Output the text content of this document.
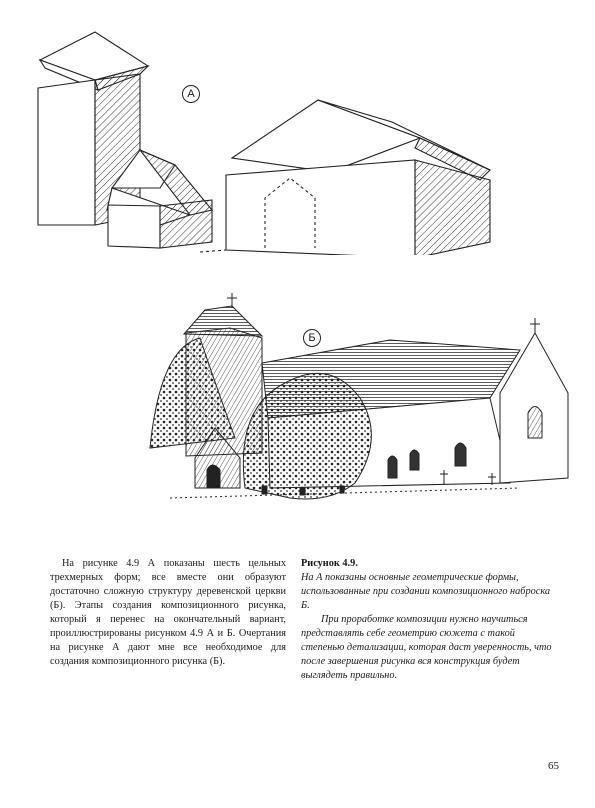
А
Б

На рисунке 4.9 А показаны шесть цельных трехмерных форм; все вместе они образуют достаточно сложную структуру деревенской церкви (Б). Этапы создания композиционного рисунка, который я перенес на окончательный вариант, проиллюстрированы рисунком 4.9 А и Б. Очертания на рисунке А дают мне все необходимое для создания композиционного рисунка (Б).

Рисунок 4.9.

На А показаны основные геометрические формы, использованные при создании композиционного наброска Б.

При проработке композиции нужно научиться представлять себе геометрию сюжета с такой степенью детализации, которая даст уверенность, что после завершения рисунка вся конструкция будет выглядеть правильно.

65
